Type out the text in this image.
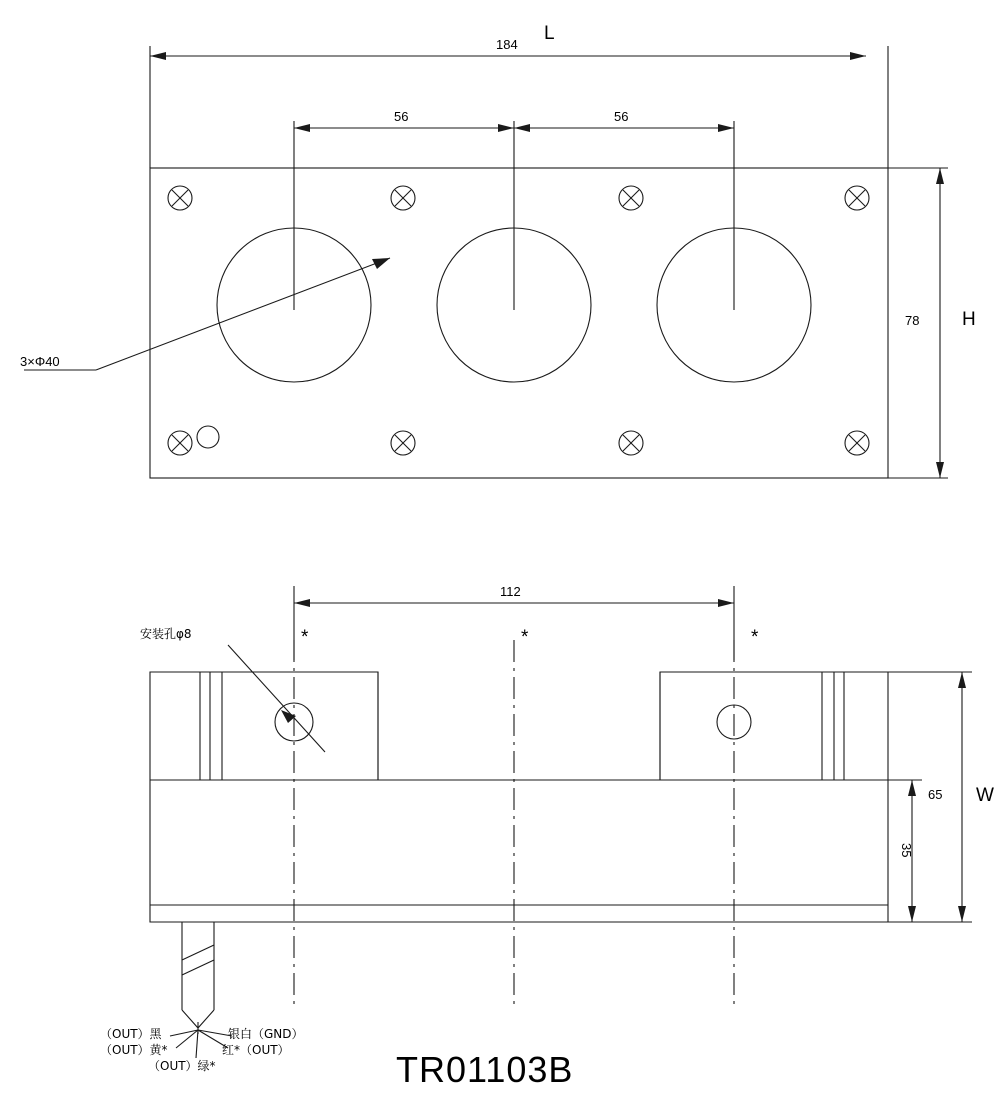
L
184
56	56
3×Φ40
78 H
112
安装孔φ8	*	*	*
65 W
35
（OUT）黑
（OUT）黄*
（OUT）绿*
银白（GND）
红*（OUT）	TR01103B
